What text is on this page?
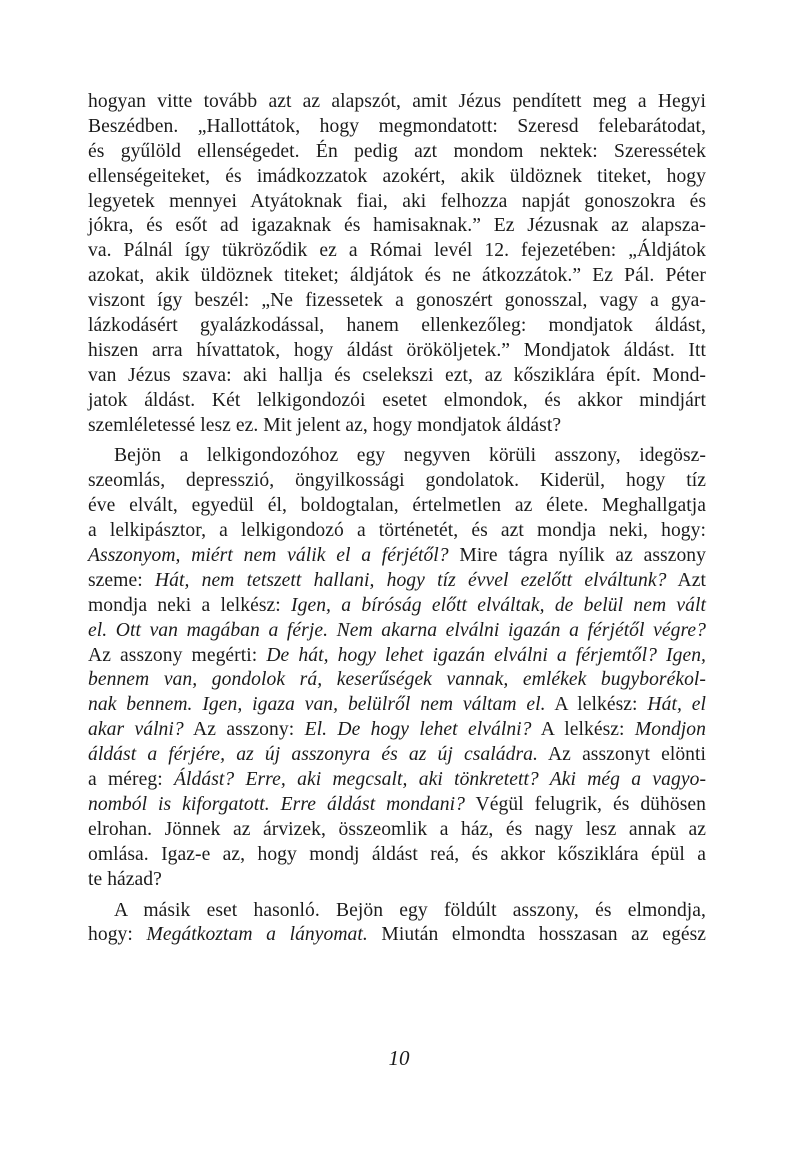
hogyan vitte tovább azt az alapszót, amit Jézus pendített meg a Hegyi
Beszédben. „Hallottátok, hogy megmondatott: Szeresd felebarátodat,
és gyűlöld ellenségedet. Én pedig azt mondom nektek: Szeressétek
ellenségeiteket, és imádkozzatok azokért, akik üldöznek titeket, hogy
legyetek mennyei Atyátoknak fiai, aki felhozza napját gonoszokra és
jókra, és esőt ad igazaknak és hamisaknak.” Ez Jézusnak az alapsza-
va. Pálnál így tükröződik ez a Római levél 12. fejezetében: „Áldjátok
azokat, akik üldöznek titeket; áldjátok és ne átkozzátok.” Ez Pál. Péter
viszont így beszél: „Ne fizessetek a gonoszért gonosszal, vagy a gya-
lázkodásért gyalázkodással, hanem ellenkezőleg: mondjatok áldást,
hiszen arra hívattatok, hogy áldást örököljetek.” Mondjatok áldást. Itt
van Jézus szava: aki hallja és cselekszi ezt, az kősziklára épít. Mond-
jatok áldást. Két lelkigondozói esetet elmondok, és akkor mindjárt
szemléletessé lesz ez. Mit jelent az, hogy mondjatok áldást?
Bejön a lelkigondozóhoz egy negyven körüli asszony, idegösz-
szeomlás, depresszió, öngyilkossági gondolatok. Kiderül, hogy tíz
éve elvált, egyedül él, boldogtalan, értelmetlen az élete. Meghallgatja
a lelkipásztor, a lelkigondozó a történetét, és azt mondja neki, hogy:
Asszonyom, miért nem válik el a férjétől? Mire tágra nyílik az asszony
szeme: Hát, nem tetszett hallani, hogy tíz évvel ezelőtt elváltunk? Azt
mondja neki a lelkész: Igen, a bíróság előtt elváltak, de belül nem vált
el. Ott van magában a férje. Nem akarna elválni igazán a férjétől végre?
Az asszony megérti: De hát, hogy lehet igazán elválni a férjemtől? Igen,
bennem van, gondolok rá, keserűségek vannak, emlékek bugyborékol-
nak bennem. Igen, igaza van, belülről nem váltam el. A lelkész: Hát, el
akar válni? Az asszony: El. De hogy lehet elválni? A lelkész: Mondjon
áldást a férjére, az új asszonyra és az új családra. Az asszonyt elönti
a méreg: Áldást? Erre, aki megcsalt, aki tönkretett? Aki még a vagyo-
nomból is kiforgatott. Erre áldást mondani? Végül felugrik, és dühösen
elrohan. Jönnek az árvizek, összeomlik a ház, és nagy lesz annak az
omlása. Igaz-e az, hogy mondj áldást reá, és akkor kősziklára épül a
te házad?
A másik eset hasonló. Bejön egy földúlt asszony, és elmondja,
hogy: Megátkoztam a lányomat. Miután elmondta hosszasan az egész
10
